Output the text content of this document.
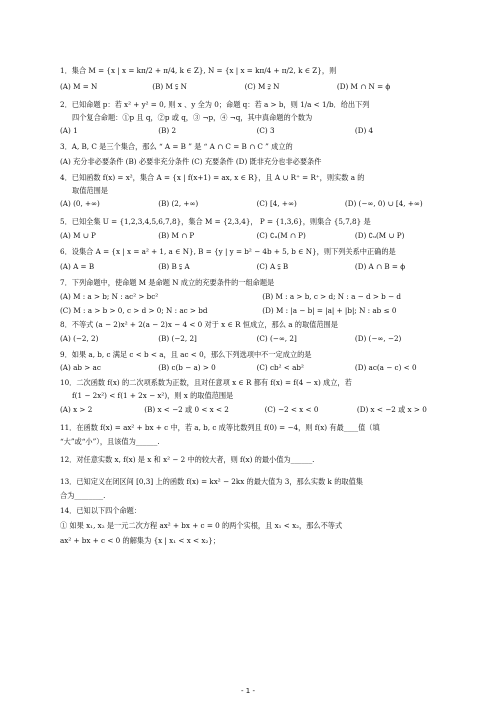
1．集合 M = {x | x = kπ/2 + π/4, k ∈ Z}, N = {x | x = kπ/4 + π/2, k ∈ Z}，则
(A) M = N	(B) M ⫋ N	(C) M ⫌ N	(D) M ∩ N = ϕ
2．已知命题 p：若 x² + y² = 0, 则 x 、y 全为 0；命题 q：若 a > b，则 1/a < 1/b．给出下列
四个复合命题：①p 且 q，②p 或 q，③ ¬p，④ ¬q，其中真命题的个数为
(A) 1	(B) 2	(C) 3	(D) 4
3．A, B, C 是三个集合，那么 “ A = B ” 是 “ A ∩ C = B ∩ C ” 成立的
(A) 充分非必要条件 (B) 必要非充分条件 (C) 充要条件 (D) 既非充分也非必要条件
4．已知函数 f(x) = x²，集合 A = {x | f(x+1) = ax, x ∈ R}，且 A ∪ R⁺ = R⁺，则实数 a 的
取值范围是
(A) (0, +∞)	(B) (2, +∞)	(C) [4, +∞)	(D) (−∞, 0) ∪ [4, +∞)
5．已知全集 U = {1,2,3,4,5,6,7,8}，集合 M = {2,3,4}， P = {1,3,6}，则集合 {5,7,8} 是
(A) M ∪ P	(B) M ∩ P	(C) ∁ᵤ(M ∩ P)	(D) ∁ᵤ(M ∪ P)
6．设集合 A = {x | x = a² + 1, a ∈ N}, B = {y | y = b² − 4b + 5, b ∈ N}，则下列关系中正确的是
(A) A = B	(B) B ⫋ A	(C) A ⫋ B	(D) A ∩ B = ϕ
7．下列命题中，使命题 M 是命题 N 成立的充要条件的一组命题是
(A) M : a > b; N : ac² > bc²	(B) M : a > b, c > d; N : a − d > b − d
(C) M : a > b > 0, c > d > 0; N : ac > bd	(D) M : |a − b| = |a| + |b|; N : ab ≤ 0
8．不等式 (a − 2)x² + 2(a − 2)x − 4 < 0 对于 x ∈ R 恒成立，那么 a 的取值范围是
(A) (−2, 2)	(B) (−2, 2]	(C) (−∞, 2]	(D) (−∞, −2)
9．如果 a, b, c 满足 c < b < a，且 ac < 0，那么下列选项中不一定成立的是
(A) ab > ac	(B) c(b − a) > 0	(C) cb² < ab²	(D) ac(a − c) < 0
10．二次函数 f(x) 的二次项系数为正数，且对任意项 x ∈ R 都有 f(x) = f(4 − x) 成立，若
f(1 − 2x²) < f(1 + 2x − x²)，则 x 的取值范围是
(A) x > 2	(B) x < −2 或 0 < x < 2	(C) −2 < x < 0	(D) x < −2 或 x > 0
11．在函数 f(x) = ax² + bx + c 中，若 a, b, c 成等比数列且 f(0) = −4，则 f(x) 有最____值（填
“大”或“小”），且该值为______.
12．对任意实数 x, f(x) 是 x 和 x² − 2 中的较大者，则 f(x) 的最小值为______.
13．已知定义在闭区间 [0,3] 上的函数 f(x) = kx² − 2kx 的最大值为 3，那么实数 k 的取值集
合为________.
14．已知以下四个命题：
① 如果 x₁, x₂ 是一元二次方程 ax² + bx + c = 0 的两个实根，且 x₁ < x₂，那么不等式
ax² + bx + c < 0 的解集为 {x | x₁ < x < x₂}；
- 1 -
